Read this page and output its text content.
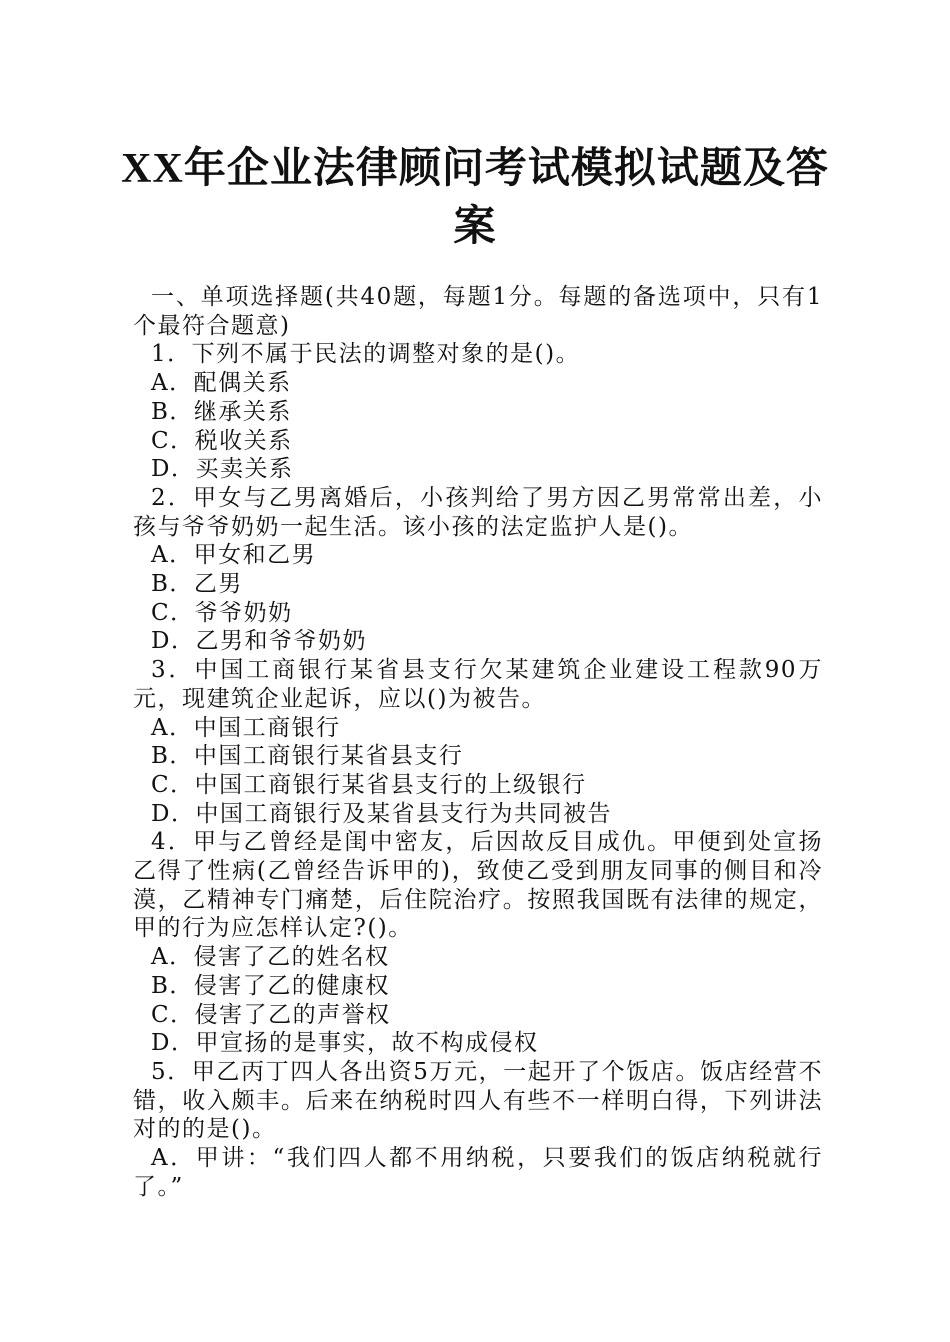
XX年企业法律顾问考试模拟试题及答案

一、单项选择题(共40题，每题1分。每题的备选项中，只有1个最符合题意)

1．下列不属于民法的调整对象的是()。

A．配偶关系

B．继承关系

C．税收关系

D．买卖关系

2．甲女与乙男离婚后，小孩判给了男方因乙男常常出差，小孩与爷爷奶奶一起生活。该小孩的法定监护人是()。

A．甲女和乙男

B．乙男

C．爷爷奶奶

D．乙男和爷爷奶奶

3．中国工商银行某省县支行欠某建筑企业建设工程款90万元，现建筑企业起诉，应以()为被告。

A．中国工商银行

B．中国工商银行某省县支行

C．中国工商银行某省县支行的上级银行

D．中国工商银行及某省县支行为共同被告

4．甲与乙曾经是闺中密友，后因故反目成仇。甲便到处宣扬乙得了性病(乙曾经告诉甲的)，致使乙受到朋友同事的侧目和冷漠，乙精神专门痛楚，后住院治疗。按照我国既有法律的规定，甲的行为应怎样认定?()。

A．侵害了乙的姓名权

B．侵害了乙的健康权

C．侵害了乙的声誉权

D．甲宣扬的是事实，故不构成侵权

5．甲乙丙丁四人各出资5万元，一起开了个饭店。饭店经营不错，收入颇丰。后来在纳税时四人有些不一样明白得，下列讲法对的的是()。

A．甲讲：“我们四人都不用纳税，只要我们的饭店纳税就行了。”
